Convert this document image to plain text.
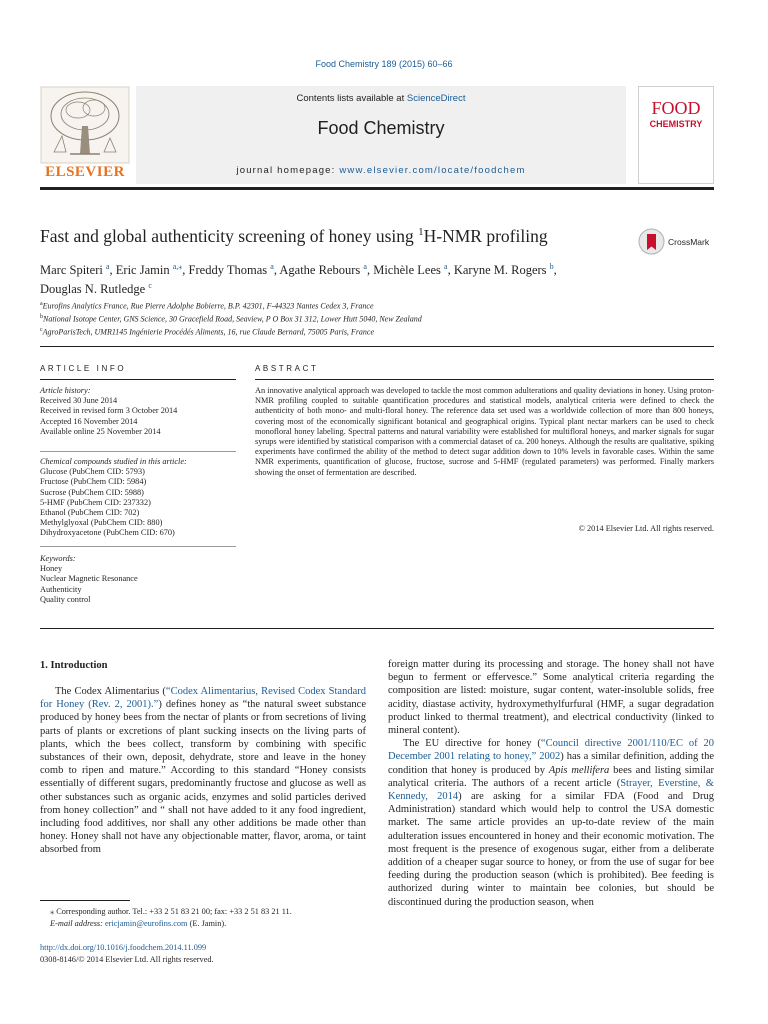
Food Chemistry 189 (2015) 60–66
ELSEVIER
Contents lists available at ScienceDirect
Food Chemistry
journal homepage: www.elsevier.com/locate/foodchem
FOOD
CHEMISTRY
Fast and global authenticity screening of honey using $^1$H-NMR profiling	CrossMark
Marc Spiteri $^a$, Eric Jamin $^{a,⁎}$, Freddy Thomas $^a$, Agathe Rebours $^a$, Michèle Lees $^a$, Karyne M. Rogers $^b$,
Douglas N. Rutledge $^c$
$^a$Eurofins Analytics France, Rue Pierre Adolphe Bobierre, B.P. 42301, F-44323 Nantes Cedex 3, France
$^b$National Isotope Center, GNS Science, 30 Gracefield Road, Seaview, P O Box 31 312, Lower Hutt 5040, New Zealand
$^c$AgroParisTech, UMR1145 Ingénierie Procédés Aliments, 16, rue Claude Bernard, 75005 Paris, France
ARTICLE INFO	ABSTRACT
Article history:
Received 30 June 2014
Received in revised form 3 October 2014
Accepted 16 November 2014
Available online 25 November 2014
Chemical compounds studied in this article:
Glucose (PubChem CID: 5793)
Fructose (PubChem CID: 5984)
Sucrose (PubChem CID: 5988)
5-HMF (PubChem CID: 237332)
Ethanol (PubChem CID: 702)
Methylglyoxal (PubChem CID: 880)
Dihydroxyacetone (PubChem CID: 670)
Keywords:
Honey
Nuclear Magnetic Resonance
Authenticity
Quality control
An innovative analytical approach was developed to tackle the most common adulterations and quality deviations in honey. Using proton-NMR profiling coupled to suitable quantification procedures and statistical models, analytical criteria were defined to check the authenticity of both mono- and multi-floral honey. The reference data set used was a worldwide collection of more than 800 honeys, covering most of the economically significant botanical and geographical origins. Typical plant nectar markers can be used to check monofloral honey labeling. Spectral patterns and natural variability were established for multifloral honeys, and marker signals for sugar syrups were identified by statistical comparison with a commercial dataset of ca. 200 honeys. Although the results are qualitative, spiking experiments have confirmed the ability of the method to detect sugar addition down to 10% levels in favorable cases. Within the same NMR experiments, quantification of glucose, fructose, sucrose and 5-HMF (regulated parameters) was performed. Finally markers showing the onset of fermentation are described.
© 2014 Elsevier Ltd. All rights reserved.
1. Introduction

The Codex Alimentarius (“Codex Alimentarius, Revised Codex Standard for Honey (Rev. 2, 2001).”) defines honey as “the natural sweet substance produced by honey bees from the nectar of plants or from secretions of living parts of plants or excretions of plant sucking insects on the living parts of plants, which the bees collect, transform by combining with specific substances of their own, deposit, dehydrate, store and leave in the honey comb to ripen and mature.” According to this standard “Honey consists essentially of different sugars, predominantly fructose and glucose as well as other substances such as organic acids, enzymes and solid particles derived from honey collection” and “ shall not have added to it any food ingredient, including food additives, nor shall any other additions be made other than honey. Honey shall not have any objectionable matter, flavor, aroma, or taint absorbed from

foreign matter during its processing and storage. The honey shall not have begun to ferment or effervesce.” Some analytical criteria regarding the composition are listed: moisture, sugar content, water-insoluble solids, free acidity, diastase activity, hydroxymethylfurfural (HMF, a sugar degradation product linked to thermal treatment), and electrical conductivity (linked to mineral content).

The EU directive for honey (“Council directive 2001/110/EC of 20 December 2001 relating to honey,” 2002) has a similar definition, adding the condition that honey is produced by Apis mellifera bees and listing similar analytical criteria. The authors of a recent article (Strayer, Everstine, & Kennedy, 2014) are asking for a similar FDA (Food and Drug Administration) standard which would help to control the USA domestic market. The same article provides an up-to-date review of the main adulteration issues encountered in honey and their economic motivation. The most frequent is the presence of exogenous sugar, either from a deliberate addition of a cheaper sugar source to honey, or from the use of sugar for bee feeding during the production season (which is prohibited). Bee feeding is authorized during winter to maintain bee colonies, but should be discontinued during the production season, when

⁎ Corresponding author. Tel.: +33 2 51 83 21 00; fax: +33 2 51 83 21 11.
E-mail address: ericjamin@eurofins.com (E. Jamin).
http://dx.doi.org/10.1016/j.foodchem.2014.11.099
0308-8146/© 2014 Elsevier Ltd. All rights reserved.
